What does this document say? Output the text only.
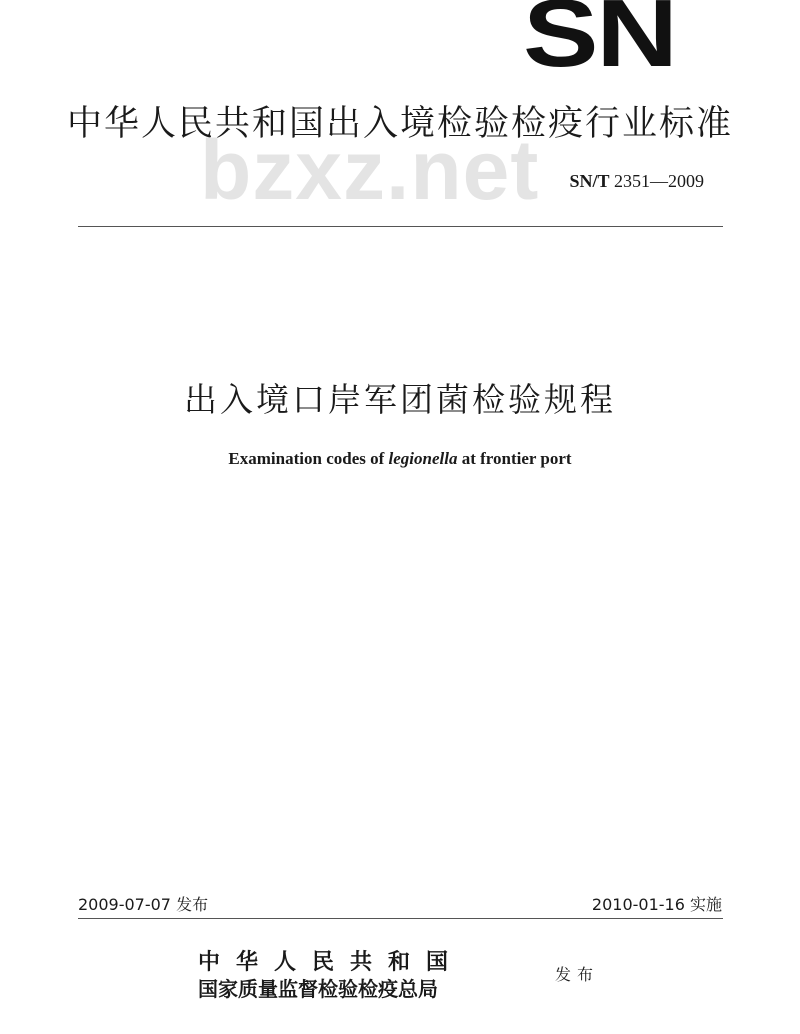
SN
中华人民共和国出入境检验检疫行业标准
bzxz.net SN/T 2351—2009
出入境口岸军团菌检验规程
Examination codes of legionella at frontier port
2009-07-07 发布	2010-01-16 实施
中华人民共和国
国家质量监督检验检疫总局
发布
